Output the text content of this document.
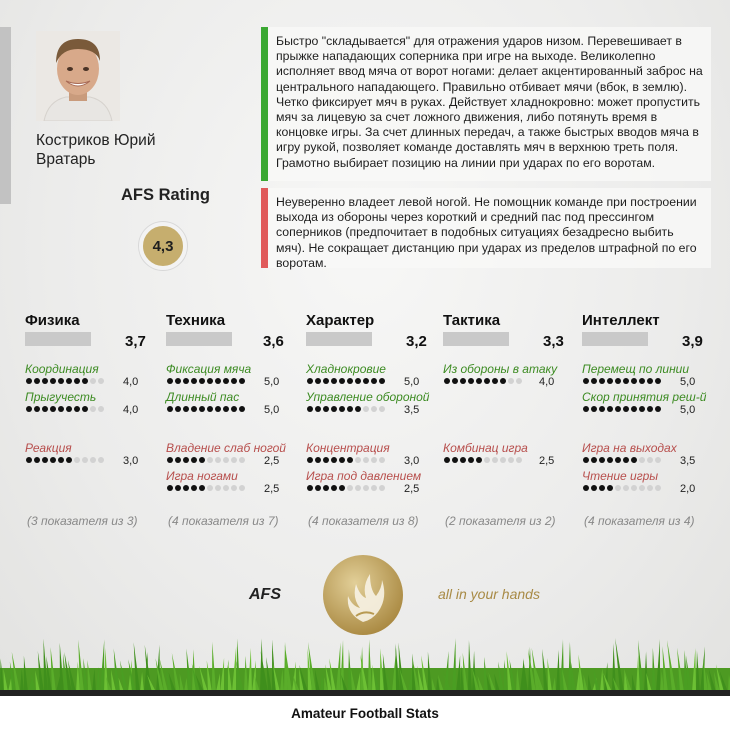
Костриков Юрий
Вратарь
AFS Rating
4,3
Быстро "складывается" для отражения ударов низом. Перевешивает в прыжке нападающих соперника при игре на выходе. Великолепно исполняет ввод мяча от ворот ногами: делает акцентированный заброс на центрального нападающего. Правильно отбивает мячи (вбок, в землю). Четко фиксирует мяч в руках. Действует хладнокровно: может пропустить мяч за лицевую за счет ложного движения, либо потянуть время в концовке игры. За счет длинных передач, а также быстрых вводов мяча в игру рукой, позволяет команде доставлять мяч в верхнюю треть поля. Грамотно выбирает позицию на линии при ударах по его воротам.
Неуверенно владеет левой ногой. Не помощник команде при построении выхода из обороны через короткий и средний пас под прессингом соперников (предпочитает в подобных ситуациях безадресно выбить мяч). Не сокращает дистанцию при ударах из пределов штрафной по его воротам.
Физика
3,7
Координация
4,0
Прыгучесть
4,0
Реакция
3,0
Техника
3,6
Фиксация мяча
5,0
Длинный пас
5,0
Владение слаб ногой
2,5
Игра ногами
2,5
Характер
3,2
Хладнокровие
5,0
Управление обороной
3,5
Концентрация
3,0
Игра под давлением
2,5
Тактика
3,3
Из обороны в атаку
4,0
Комбинац игра
2,5
Интеллект
3,9
Перемещ по линии
5,0
Скор принятия реш-й
5,0
Игра на выходах
3,5
Чтение игры
2,0
AFS	all in your hands
Amateur Football Stats
(3 показателя из 3)	(4 показателя из 7) (4 показателя из 8) (2 показателя из 2) (4 показателя из 4)
